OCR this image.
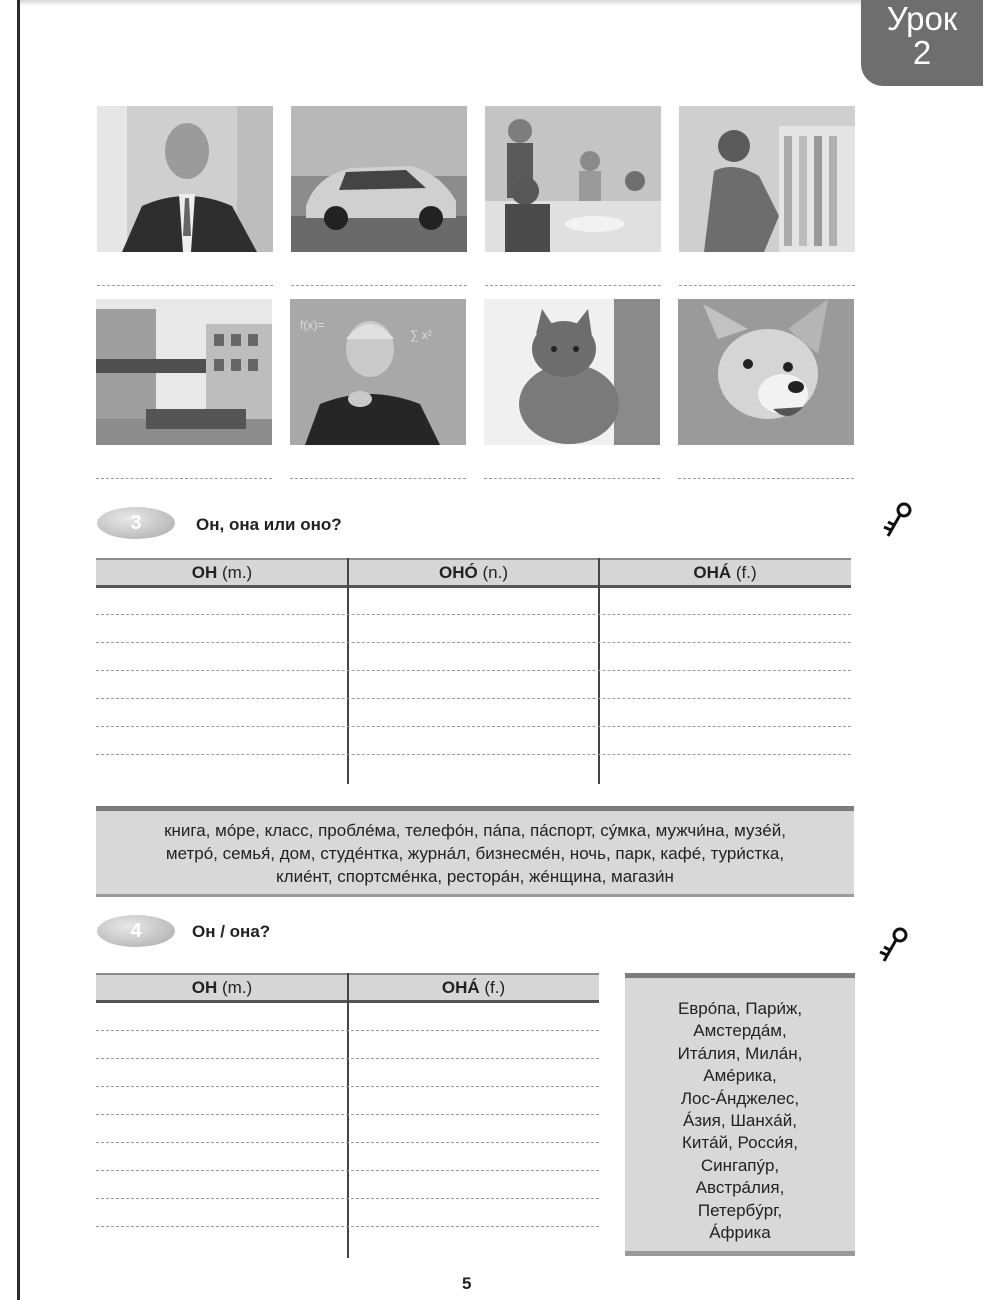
Урок
2
f(x)=
∑ x²
3	Он, она или оно?
ОН (m.)	ОНÓ (n.)	ОНÁ (f.)
книга, мóре, класс, проблéма, телефóн, пáпа, пáспорт, сýмка, мужчи́на, музéй,
метрó, семья́, дом, студéнтка, журнáл, бизнесмéн, ночь, парк, кафé, тури́стка,
клиéнт, спортсмéнка, ресторáн, жéнщина, магази́н
4	Он / она?
ОН (m.)	ОНÁ (f.)
Еврóпа, Пари́ж,
Амстердáм,
Итáлия, Милáн,
Амéрика,
Лос-Áнджелес,
Áзия, Шанхáй,
Китáй, Росси́я,
Сингапýр,
Австрáлия,
Петербýрг,
Áфрика
5
